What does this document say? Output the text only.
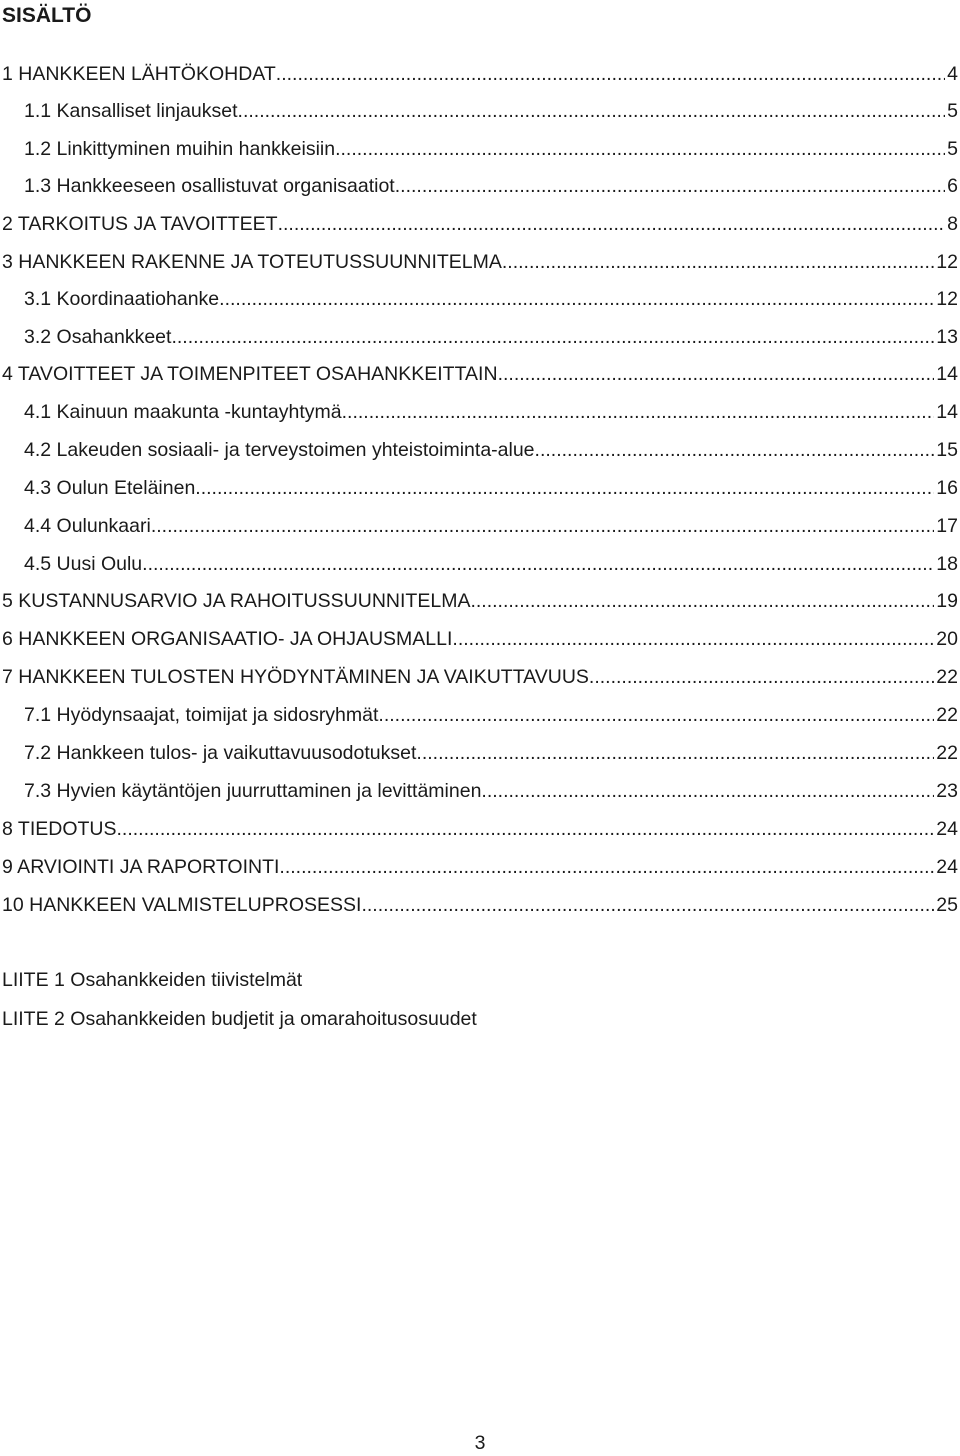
SISÄLTÖ
1 HANKKEEN LÄHTÖKOHDAT .....	4
1.1 Kansalliset linjaukset .....	5
1.2 Linkittyminen muihin hankkeisiin .....	5
1.3 Hankkeeseen osallistuvat organisaatiot .....	6
2 TARKOITUS JA TAVOITTEET .....	8
3 HANKKEEN RAKENNE JA TOTEUTUSSUUNNITELMA .....	12
3.1 Koordinaatiohanke .....	12
3.2 Osahankkeet .....	13
4 TAVOITTEET JA TOIMENPITEET OSAHANKKEITTAIN .....	14
4.1 Kainuun maakunta -kuntayhtymä .....	14
4.2 Lakeuden sosiaali- ja terveystoimen yhteistoiminta-alue .....	15
4.3 Oulun Eteläinen .....	16
4.4 Oulunkaari .....	17
4.5 Uusi Oulu .....	18
5 KUSTANNUSARVIO JA RAHOITUSSUUNNITELMA .....	19
6 HANKKEEN ORGANISAATIO- JA OHJAUSMALLI .....	20
7 HANKKEEN TULOSTEN HYÖDYNTÄMINEN JA VAIKUTTAVUUS .....	22
7.1 Hyödynsaajat, toimijat ja sidosryhmät .....	22
7.2 Hankkeen tulos- ja vaikuttavuusodotukset .....	22
7.3 Hyvien käytäntöjen juurruttaminen ja levittäminen .....	23
8 TIEDOTUS .....	24
9 ARVIOINTI JA RAPORTOINTI .....	24
10 HANKKEEN VALMISTELUPROSESSI .....	25
LIITE 1 Osahankkeiden tiivistelmät
LIITE 2 Osahankkeiden budjetit ja omarahoitusosuudet
3
